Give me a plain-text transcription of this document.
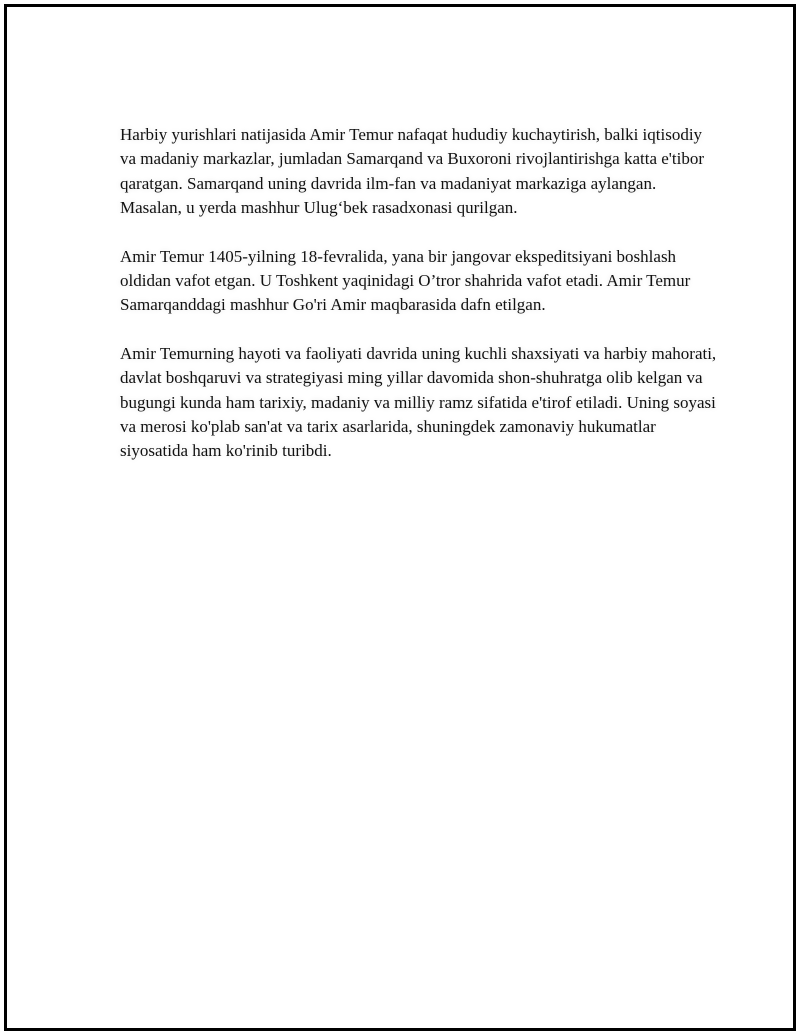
Harbiy yurishlari natijasida Amir Temur nafaqat hududiy kuchaytirish, balki iqtisodiy va madaniy markazlar, jumladan Samarqand va Buxoroni rivojlantirishga katta e'tibor qaratgan. Samarqand uning davrida ilm-fan va madaniyat markaziga aylangan. Masalan, u yerda mashhur Ulug‘bek rasadxonasi qurilgan.

Amir Temur 1405-yilning 18-fevralida, yana bir jangovar ekspeditsiyani boshlash oldidan vafot etgan. U Toshkent yaqinidagi O’tror shahrida vafot etadi. Amir Temur Samarqanddagi mashhur Go'ri Amir maqbarasida dafn etilgan.

Amir Temurning hayoti va faoliyati davrida uning kuchli shaxsiyati va harbiy mahorati, davlat boshqaruvi va strategiyasi ming yillar davomida shon-shuhratga olib kelgan va bugungi kunda ham tarixiy, madaniy va milliy ramz sifatida e'tirof etiladi. Uning soyasi va merosi ko'plab san'at va tarix asarlarida, shuningdek zamonaviy hukumatlar siyosatida ham ko'rinib turibdi.
